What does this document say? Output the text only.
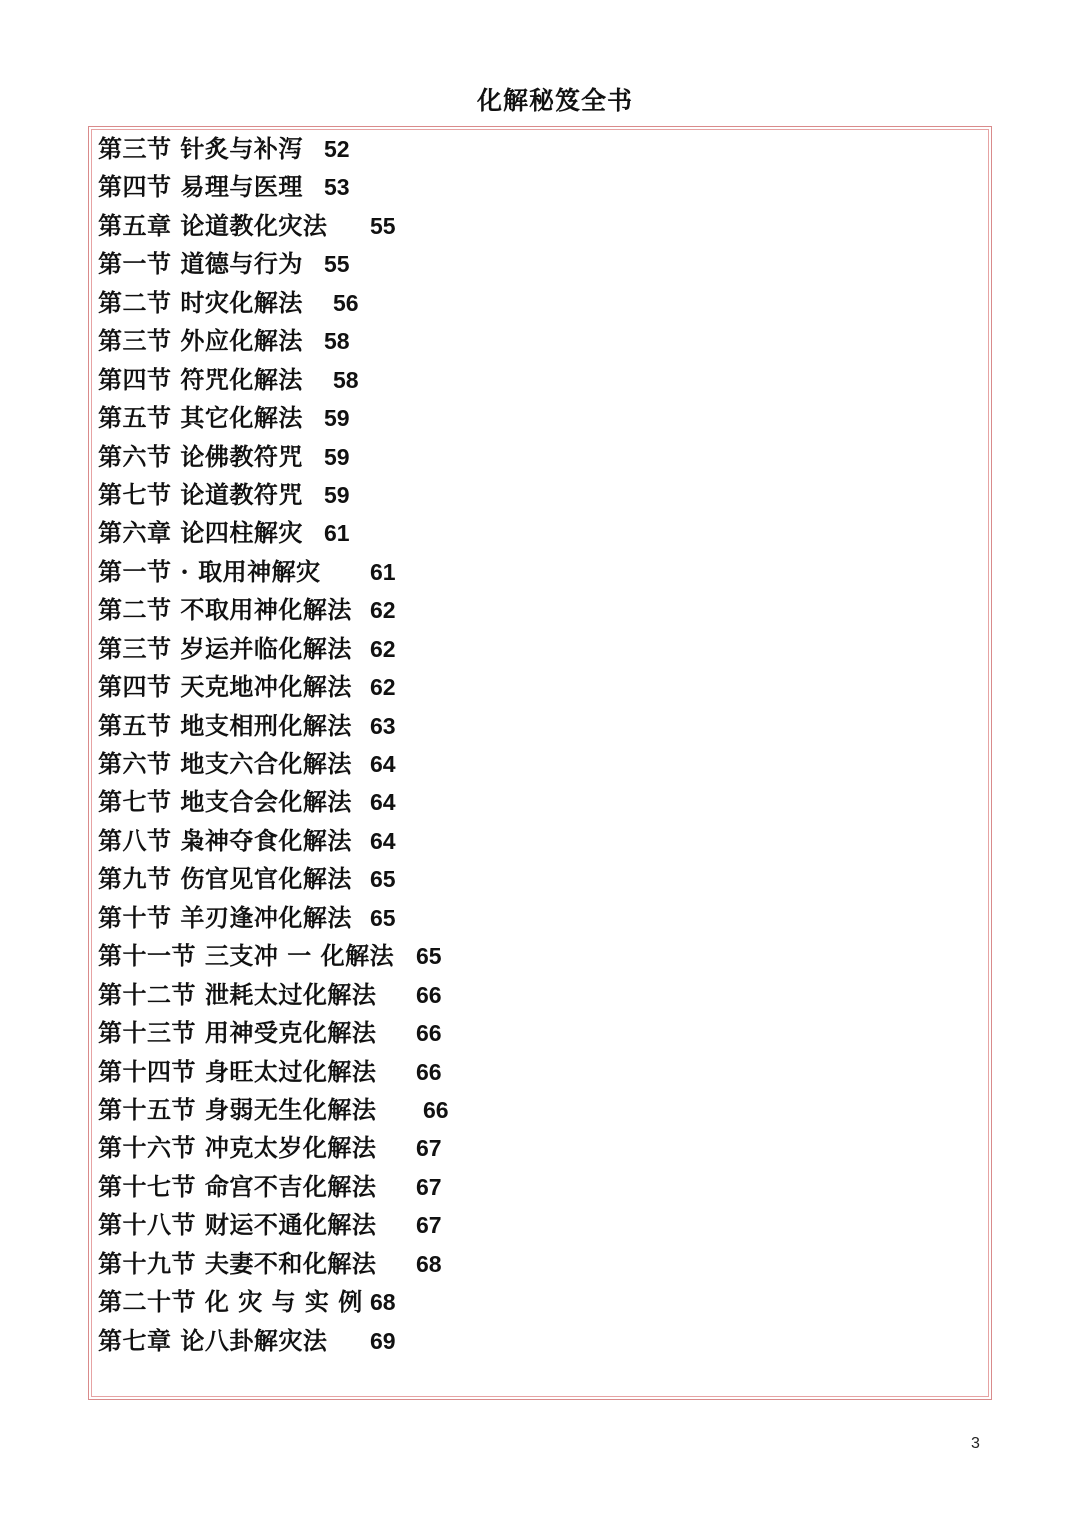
化解秘笈全书
第三节 针炙与补泻 52
第四节 易理与医理 53
第五章 论道教化灾法 55
第一节 道德与行为 55
第二节 时灾化解法 56
第三节 外应化解法 58
第四节 符咒化解法 58
第五节 其它化解法 59
第六节 论佛教符咒 59
第七节 论道教符咒 59
第六章 论四柱解灾 61
第一节 · 取用神解灾 61
第二节 不取用神化解法 62
第三节 岁运并临化解法 62
第四节 天克地冲化解法 62
第五节 地支相刑化解法 63
第六节 地支六合化解法 64
第七节 地支合会化解法 64
第八节 枭神夺食化解法 64
第九节 伤官见官化解法 65
第十节 羊刃逢冲化解法 65
第十一节 三支冲 一 化解法 65
第十二节 泄耗太过化解法 66
第十三节 用神受克化解法 66
第十四节 身旺太过化解法 66
第十五节 身弱无生化解法 66
第十六节 冲克太岁化解法 67
第十七节 命宫不吉化解法 67
第十八节 财运不通化解法 67
第十九节 夫妻不和化解法 68
第二十节 化 灾 与 实 例 68
第七章 论八卦解灾法 69
3
